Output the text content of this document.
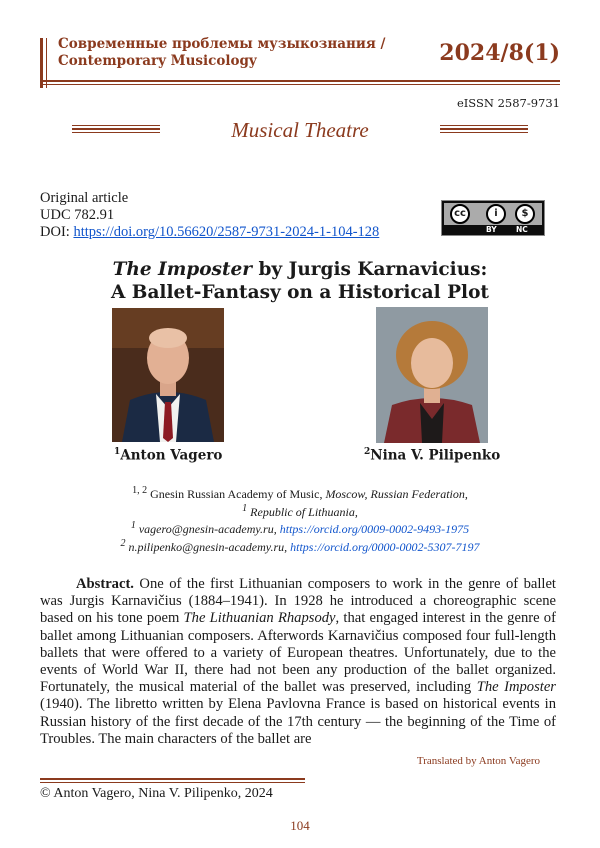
Современные проблемы музыкознания /
Contemporary Musicology	2024/8(1)
eISSN 2587-9731
Musical Theatre
Original article
UDC 782.91
DOI: https://doi.org/10.56620/2587-9731-2024-1-104-128
cc	i	$
BY	NC
The Imposter by Jurgis Karnavicius:
A Ballet-Fantasy on a Historical Plot
$^1$Anton Vagero	$^2$Nina V. Pilipenko
$^{1, 2}$ Gnesin Russian Academy of Music, Moscow, Russian Federation,
$^1$ Republic of Lithuania,
$^1$ vagero@gnesin-academy.ru, https://orcid.org/0009-0002-9493-1975
$^2$ n.pilipenko@gnesin-academy.ru, https://orcid.org/0000-0002-5307-7197
Abstract. One of the first Lithuanian composers to work in the genre of ballet was Jurgis Karnavičius (1884–1941). In 1928 he introduced a choreographic scene based on his tone poem The Lithuanian Rhapsody, that engaged interest in the genre of ballet among Lithuanian composers. Afterwords Karnavičius composed four full-length ballets that were offered to a variety of European theatres. Unfortunately, due to the events of World War II, there had not been any production of the ballet organized. Fortunately, the musical material of the ballet was preserved, including The Imposter (1940). The libretto written by Elena Pavlovna France is based on historical events in Russian history of the first decade of the 17th century — the beginning of the Time of Troubles. The main characters of the ballet are
Translated by Anton Vagero
© Anton Vagero, Nina V. Pilipenko, 2024
104
